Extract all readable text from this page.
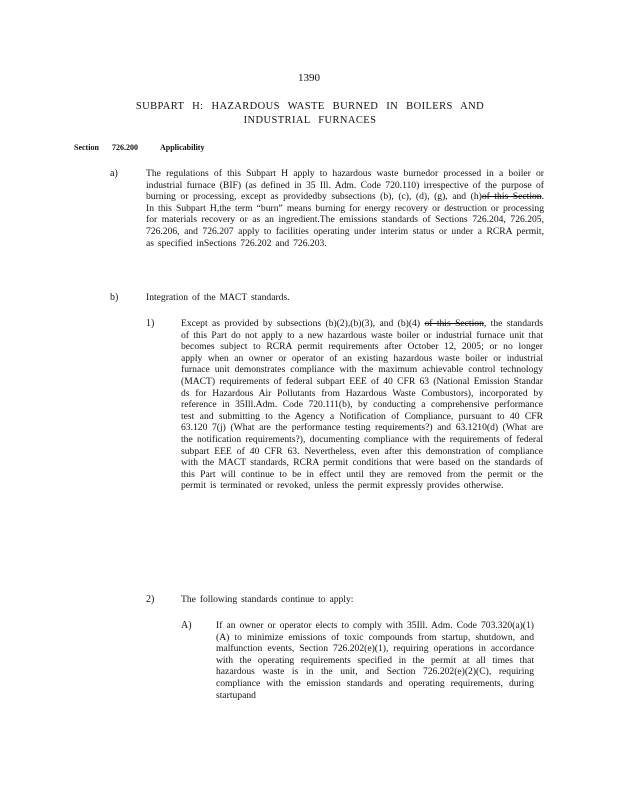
1390
SUBPART H: HAZARDOUS WASTE BURNED IN BOILERS AND
INDUSTRIAL FURNACES
Section 726.200	Applicability
a)	The regulations of this Subpart H apply to hazardous waste burnedor processed in a boiler or industrial furnace (BIF) (as defined in 35 Ill. Adm. Code 720.110) irrespective of the purpose of burning or processing, except as providedby subsections (b), (c), (d), (g), and (h)of this Section. In this Subpart H,the term “burn” means burning for energy recovery or destruction or processing for materials recovery or as an ingredient.The emissions standards of Sections 726.204, 726.205, 726.206, and 726.207 apply to facilities operating under interim status or under a RCRA permit, as specified inSections 726.202 and 726.203.
b)	Integration of the MACT standards.
1)	Except as provided by subsections (b)(2),(b)(3), and (b)(4) of this Section, the standards of this Part do not apply to a new hazardous waste boiler or industrial furnace unit that becomes subject to RCRA permit requirements after October 12, 2005; or no longer apply when an owner or operator of an existing hazardous waste boiler or industrial furnace unit demonstrates compliance with the maximum achievable control technology (MACT) requirements of federal subpart EEE of 40 CFR 63 (National Emission Standar ds for Hazardous Air Pollutants from Hazardous Waste Combustors), incorporated by reference in 35Ill.Adm. Code 720.111(b), by conducting a comprehensive performance test and submitting to the Agency a Notification of Compliance, pursuant to 40 CFR 63.120 7(j) (What are the performance testing requirements?) and 63.1210(d) (What are the notification requirements?), documenting compliance with the requirements of federal subpart EEE of 40 CFR 63. Nevertheless, even after this demonstration of compliance with the MACT standards, RCRA permit conditions that were based on the standards of this Part will continue to be in effect until they are removed from the permit or the permit is terminated or revoked, unless the permit expressly provides otherwise.
2)	The following standards continue to apply:
A)	If an owner or operator elects to comply with 35Ill. Adm. Code 703.320(a)(1)(A) to minimize emissions of toxic compounds from startup, shutdown, and malfunction events, Section 726.202(e)(1), requiring operations in accordance with the operating requirements specified in the permit at all times that hazardous waste is in the unit, and Section 726.202(e)(2)(C), requiring compliance with the emission standards and operating requirements, during startupand
